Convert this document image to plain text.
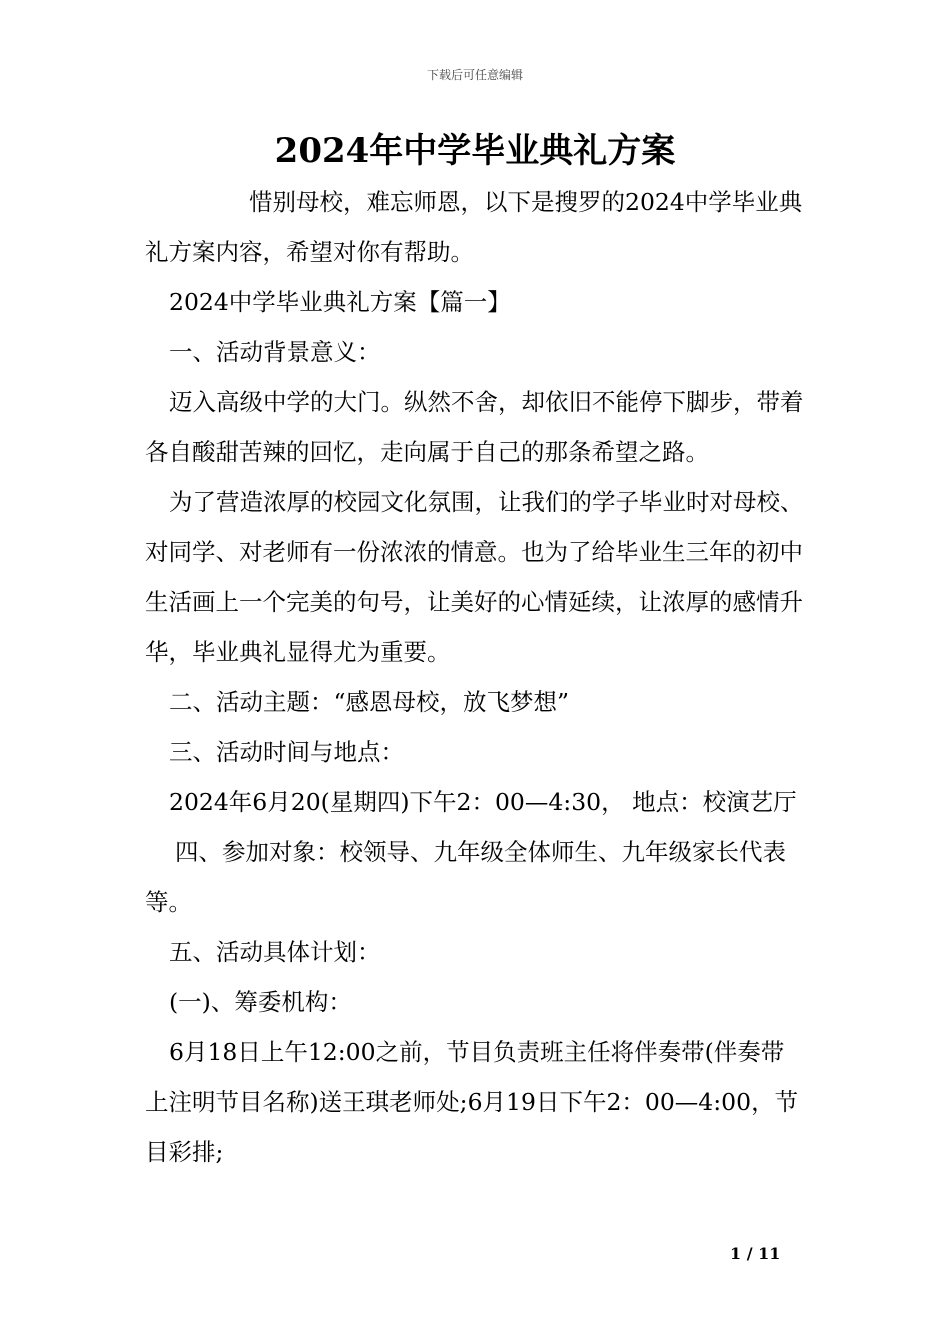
下载后可任意编辑
2024年中学毕业典礼方案

惜别母校，难忘师恩，以下是搜罗的2024中学毕业典礼方案内容，希望对你有帮助。

2024中学毕业典礼方案【篇一】

一、活动背景意义：

迈入高级中学的大门。纵然不舍，却依旧不能停下脚步，带着各自酸甜苦辣的回忆，走向属于自己的那条希望之路。

为了营造浓厚的校园文化氛围，让我们的学子毕业时对母校、对同学、对老师有一份浓浓的情意。也为了给毕业生三年的初中生活画上一个完美的句号，让美好的心情延续，让浓厚的感情升华，毕业典礼显得尤为重要。

二、活动主题：“感恩母校，放飞梦想”

三、活动时间与地点：

2024年6月20(星期四)下午2：00—4:30， 地点：校演艺厅

四、参加对象：校领导、九年级全体师生、九年级家长代表等。

五、活动具体计划：

(一)、筹委机构：

6月18日上午12:00之前，节目负责班主任将伴奏带(伴奏带上注明节目名称)送王琪老师处;6月19日下午2：00—4:00，节目彩排;

1 / 11
